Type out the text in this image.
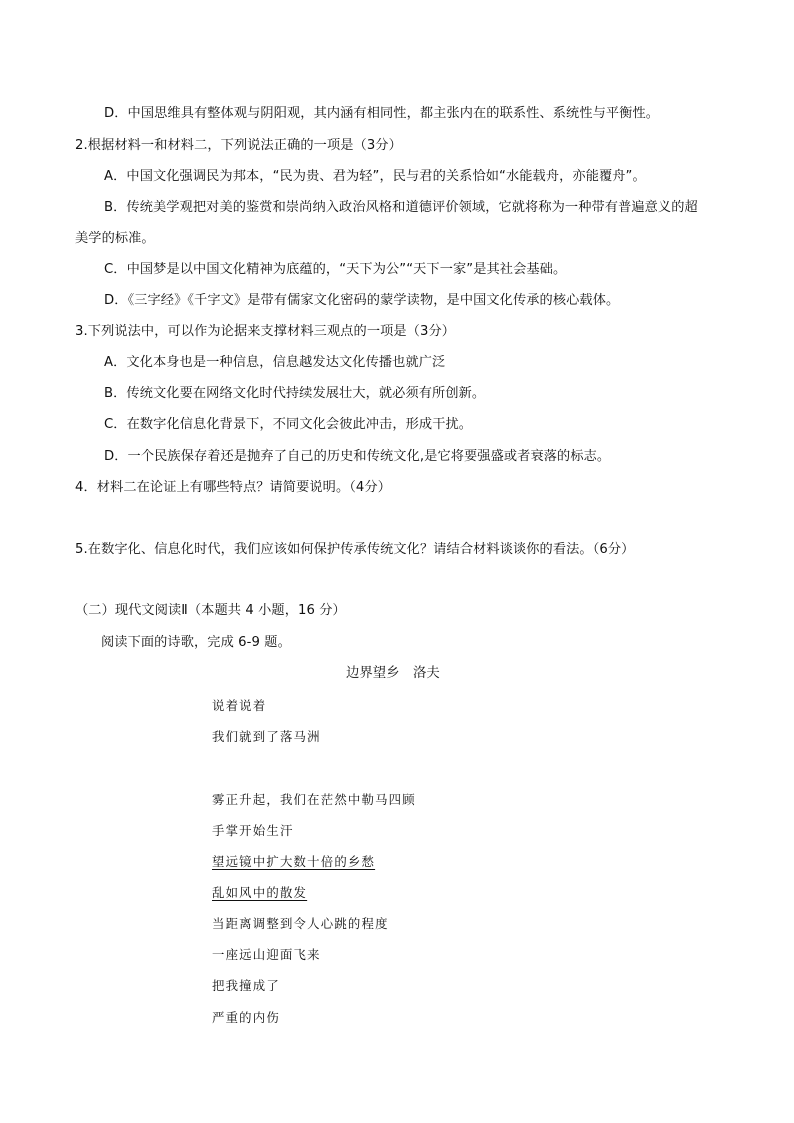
D．中国思维具有整体观与阴阳观，其内涵有相同性，都主张内在的联系性、系统性与平衡性。
2.根据材料一和材料二，下列说法正确的一项是（3分）
A．中国文化强调民为邦本，“民为贵、君为轻”，民与君的关系恰如“水能载舟，亦能覆舟”。
B．传统美学观把对美的鉴赏和崇尚纳入政治风格和道德评价领域，它就将称为一种带有普遍意义的超
美学的标准。
C．中国梦是以中国文化精神为底蕴的，“天下为公”“天下一家”是其社会基础。
D．《三字经》《千字文》是带有儒家文化密码的蒙学读物，是中国文化传承的核心载体。
3.下列说法中，可以作为论据来支撑材料三观点的一项是（3分）
A．文化本身也是一种信息，信息越发达文化传播也就广泛
B．传统文化要在网络文化时代持续发展壮大，就必须有所创新。
C．在数字化信息化背景下，不同文化会彼此冲击，形成干扰。
D．一个民族保存着还是抛弃了自己的历史和传统文化,是它将要强盛或者衰落的标志。
4．材料二在论证上有哪些特点？请简要说明。（4分）
5.在数字化、信息化时代，我们应该如何保护传承传统文化？请结合材料谈谈你的看法。（6分）
（二）现代文阅读Ⅱ（本题共 4 小题，16 分）
阅读下面的诗歌，完成 6-9 题。
边界望乡　洛夫
说着说着
我们就到了落马洲
雾正升起，我们在茫然中勒马四顾
手掌开始生汗
望远镜中扩大数十倍的乡愁
乱如风中的散发
当距离调整到令人心跳的程度
一座远山迎面飞来
把我撞成了
严重的内伤
